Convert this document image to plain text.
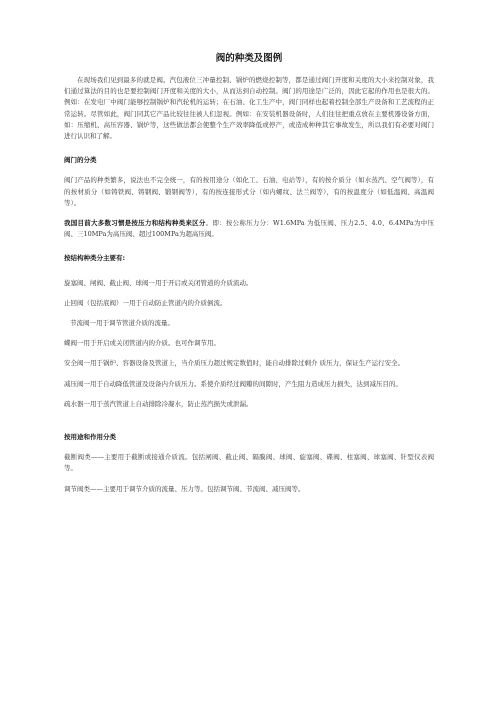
阀的种类及图例

在现场我们见到最多的就是阀。汽包液位三冲量控制、锅炉的燃烧控制等，都是通过阀门开度和关度的大小来控制对象，我们通过算法的目的也是要控制阀门开度和关度的大小，从而达到自动控制。阀门的用途是广泛的，因此它起的作用也是很大的。例如：在发电厂中阀门能够控制锅炉和汽轮机的运转；在石油、化工生产中，阀门同样也起着控制全部生产设备和工艺流程的正常运转。尽管如此，阀门同其它产品比较往往被人们忽视。例如：在安装机器设备时，人们往往把重点放在主要机器设备方面，如：压缩机、高压容器、锅炉等，这些做法都会使整个生产效率降低或停产，或造成种种其它事故发生，所以我们有必要对阀门进行认识和了解。

阀门的分类

阀门产品的种类繁多，说法也不完全统一，有的按用途分（如化工、石油、电站等），有的按介质分（如水蒸汽、空气阀等），有的按材质分（如铸铁阀、铸钢阀、锻钢阀等），有的按连接形式分（如内螺纹、法兰阀等），有的按温度分（如低温阀、高温阀等）。

我国目前大多数习惯是按压力和结构种类来区分。即：按公称压力分：W1.6MPa 为低压阀、压力2.5、4.0、6.4MPa为中压阀、三10MPa为高压阀、超过100MPa为超高压阀。

按结构种类分主要有:

旋塞阀、闸阀、截止阀、球阀一用于开启或关闭管道的介质流动。

止回阀（包括底阀）一用于自动防止管道内的介质倒流。

节流阀一用于调节管道介质的流量。

蝶阀一用于开启或关闭管道内的介质。也可作调节用。

安全阀一用于锅炉、容器设备及管道上，当介质压力超过规定数值时，能自动排除过剩介 质压力，保证生产运行安全。

减压阀一用于自动降低管道及设备内介质压力。系使介质经过阀瓣的间隙时，产生阻力造成压力损失，达到减压目的。

疏水器一用于蒸汽管道上自动排除冷凝水，防止蒸汽损失或泄漏。

按用途和作用分类

截断阀类——主要用于截断或接通介质流。包括闸阀、截止阀、隔膜阀、球阀、旋塞阀、碟阀、柱塞阀、球塞阀、针型仪表阀等。

调节阀类——主要用于调节介质的流量、压力等。包括调节阀、节流阀、减压阀等。
